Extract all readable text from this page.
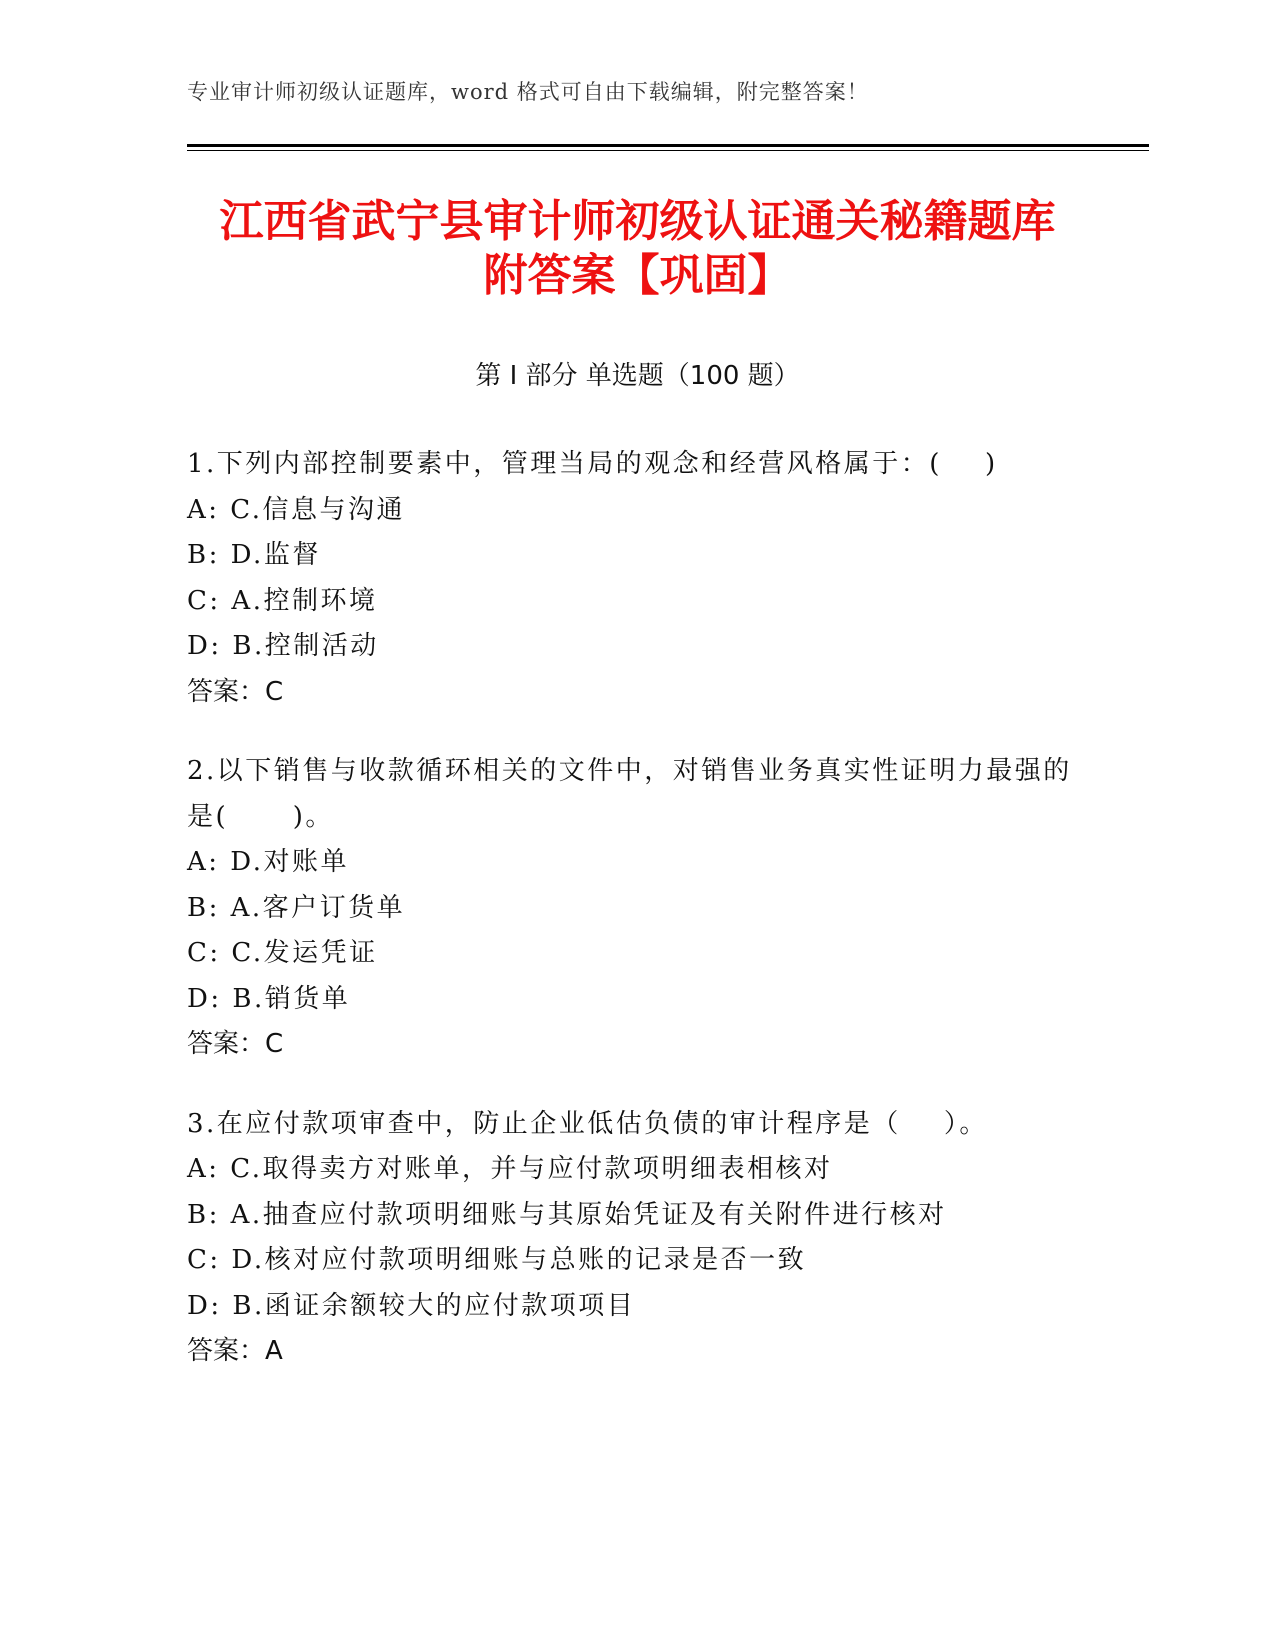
专业审计师初级认证题库，word 格式可自由下载编辑，附完整答案！
江西省武宁县审计师初级认证通关秘籍题库
附答案【巩固】
第 I 部分 单选题（100 题）
1.下列内部控制要素中，管理当局的观念和经营风格属于：(    )
A: C.信息与沟通
B: D.监督
C: A.控制环境
D: B.控制活动
答案：C
2.以下销售与收款循环相关的文件中，对销售业务真实性证明力最强的是(      )。
A: D.对账单
B: A.客户订货单
C: C.发运凭证
D: B.销货单
答案：C
3.在应付款项审查中，防止企业低估负债的审计程序是（    ）。
A: C.取得卖方对账单，并与应付款项明细表相核对
B: A.抽查应付款项明细账与其原始凭证及有关附件进行核对
C: D.核对应付款项明细账与总账的记录是否一致
D: B.函证余额较大的应付款项项目
答案：A
